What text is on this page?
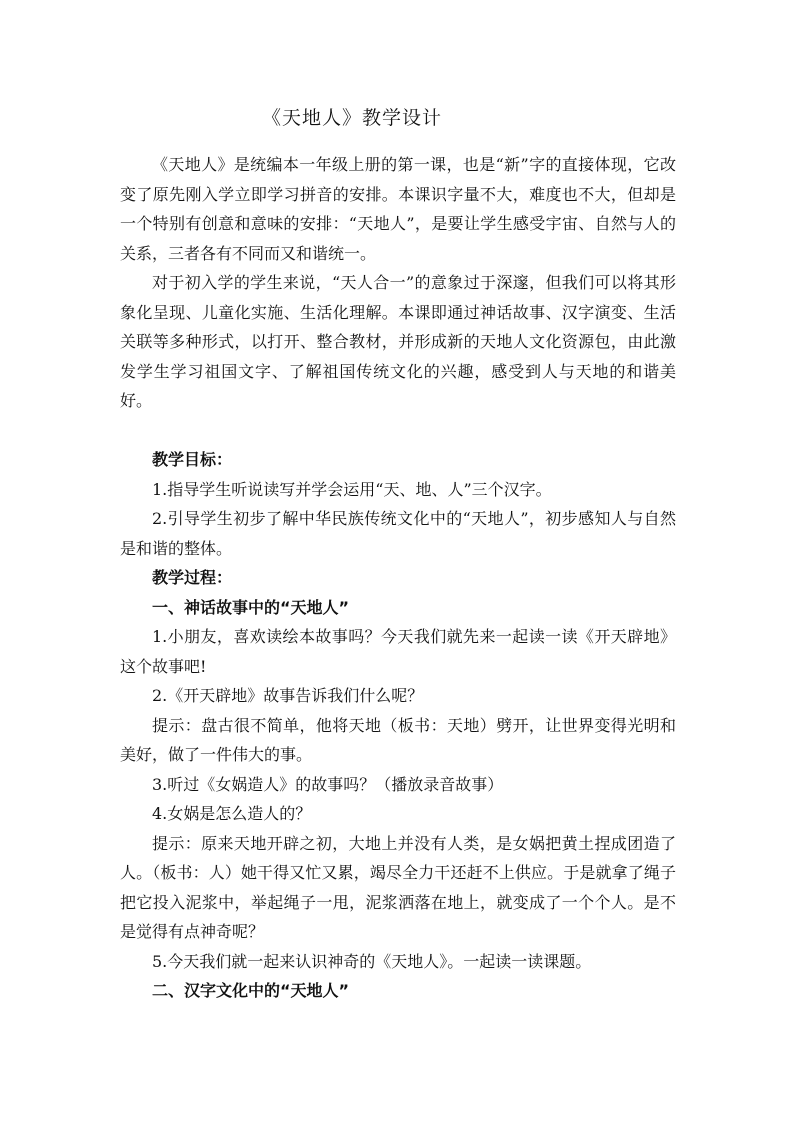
《天地人》教学设计

《天地人》是统编本一年级上册的第一课，也是“新”字的直接体现，它改变了原先刚入学立即学习拼音的安排。本课识字量不大，难度也不大，但却是一个特别有创意和意味的安排：“天地人”，是要让学生感受宇宙、自然与人的关系，三者各有不同而又和谐统一。

对于初入学的学生来说，“天人合一”的意象过于深邃，但我们可以将其形象化呈现、儿童化实施、生活化理解。本课即通过神话故事、汉字演变、生活关联等多种形式，以打开、整合教材，并形成新的天地人文化资源包，由此激发学生学习祖国文字、了解祖国传统文化的兴趣，感受到人与天地的和谐美好。

教学目标：

1.指导学生听说读写并学会运用“天、地、人”三个汉字。

2.引导学生初步了解中华民族传统文化中的“天地人”，初步感知人与自然是和谐的整体。

教学过程：

一、神话故事中的“天地人”

1.小朋友，喜欢读绘本故事吗？今天我们就先来一起读一读《开天辟地》这个故事吧!

2.《开天辟地》故事告诉我们什么呢？

提示：盘古很不简单，他将天地（板书：天地）劈开，让世界变得光明和美好，做了一件伟大的事。

3.听过《女娲造人》的故事吗？（播放录音故事）

4.女娲是怎么造人的？

提示：原来天地开辟之初，大地上并没有人类，是女娲把黄土捏成团造了人。（板书：人）她干得又忙又累，竭尽全力干还赶不上供应。于是就拿了绳子把它投入泥浆中，举起绳子一甩，泥浆洒落在地上，就变成了一个个人。是不是觉得有点神奇呢？

5.今天我们就一起来认识神奇的《天地人》。一起读一读课题。

二、汉字文化中的“天地人”
